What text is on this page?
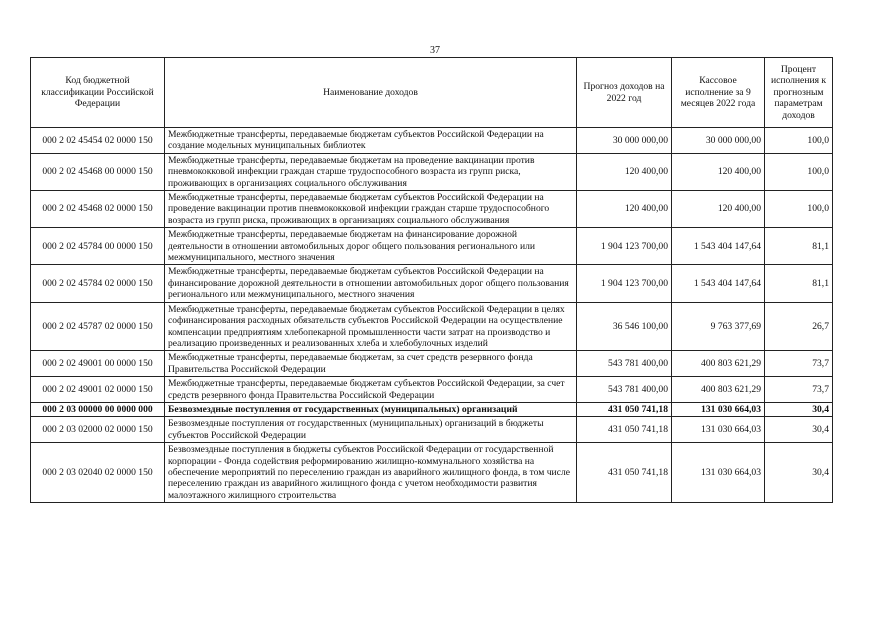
37
Код бюджетной классификации Российской Федерации	Наименование доходов	Прогноз доходов на 2022 год	Кассовое исполнение за 9 месяцев 2022 года	Процент исполнения к прогнозным параметрам доходов
000 2 02 45454 02 0000 150	Межбюджетные трансферты, передаваемые бюджетам субъектов Российской Федерации на создание модельных муниципальных библиотек	30 000 000,00	30 000 000,00	100,0
000 2 02 45468 00 0000 150	Межбюджетные трансферты, передаваемые бюджетам на проведение вакцинации против пневмококковой инфекции граждан старше трудоспособного возраста из групп риска, проживающих в организациях социального обслуживания	120 400,00	120 400,00	100,0
000 2 02 45468 02 0000 150	Межбюджетные трансферты, передаваемые бюджетам субъектов Российской Федерации на проведение вакцинации против пневмококковой инфекции граждан старше трудоспособного возраста из групп риска, проживающих в организациях социального обслуживания	120 400,00	120 400,00	100,0
000 2 02 45784 00 0000 150	Межбюджетные трансферты, передаваемые бюджетам на финансирование дорожной деятельности в отношении автомобильных дорог общего пользования регионального или межмуниципального, местного значения	1 904 123 700,00	1 543 404 147,64	81,1
000 2 02 45784 02 0000 150	Межбюджетные трансферты, передаваемые бюджетам субъектов Российской Федерации на финансирование дорожной деятельности в отношении автомобильных дорог общего пользования регионального или межмуниципального, местного значения	1 904 123 700,00	1 543 404 147,64	81,1
000 2 02 45787 02 0000 150	Межбюджетные трансферты, передаваемые бюджетам субъектов Российской Федерации в целях софинансирования расходных обязательств субъектов Российской Федерации на осуществление компенсации предприятиям хлебопекарной промышленности части затрат на производство и реализацию произведенных и реализованных хлеба и хлебобулочных изделий	36 546 100,00	9 763 377,69	26,7
000 2 02 49001 00 0000 150	Межбюджетные трансферты, передаваемые бюджетам, за счет средств резервного фонда Правительства Российской Федерации	543 781 400,00	400 803 621,29	73,7
000 2 02 49001 02 0000 150	Межбюджетные трансферты, передаваемые бюджетам субъектов Российской Федерации, за счет средств резервного фонда Правительства Российской Федерации	543 781 400,00	400 803 621,29	73,7
000 2 03 00000 00 0000 000	Безвозмездные поступления от государственных (муниципальных) организаций	431 050 741,18	131 030 664,03	30,4
000 2 03 02000 02 0000 150	Безвозмездные поступления от государственных (муниципальных) организаций в бюджеты субъектов Российской Федерации	431 050 741,18	131 030 664,03	30,4
000 2 03 02040 02 0000 150	Безвозмездные поступления в бюджеты субъектов Российской Федерации от государственной корпорации - Фонда содействия реформированию жилищно-коммунального хозяйства на обеспечение мероприятий по переселению граждан из аварийного жилищного фонда, в том числе переселению граждан из аварийного жилищного фонда с учетом необходимости развития малоэтажного жилищного строительства	431 050 741,18	131 030 664,03	30,4
